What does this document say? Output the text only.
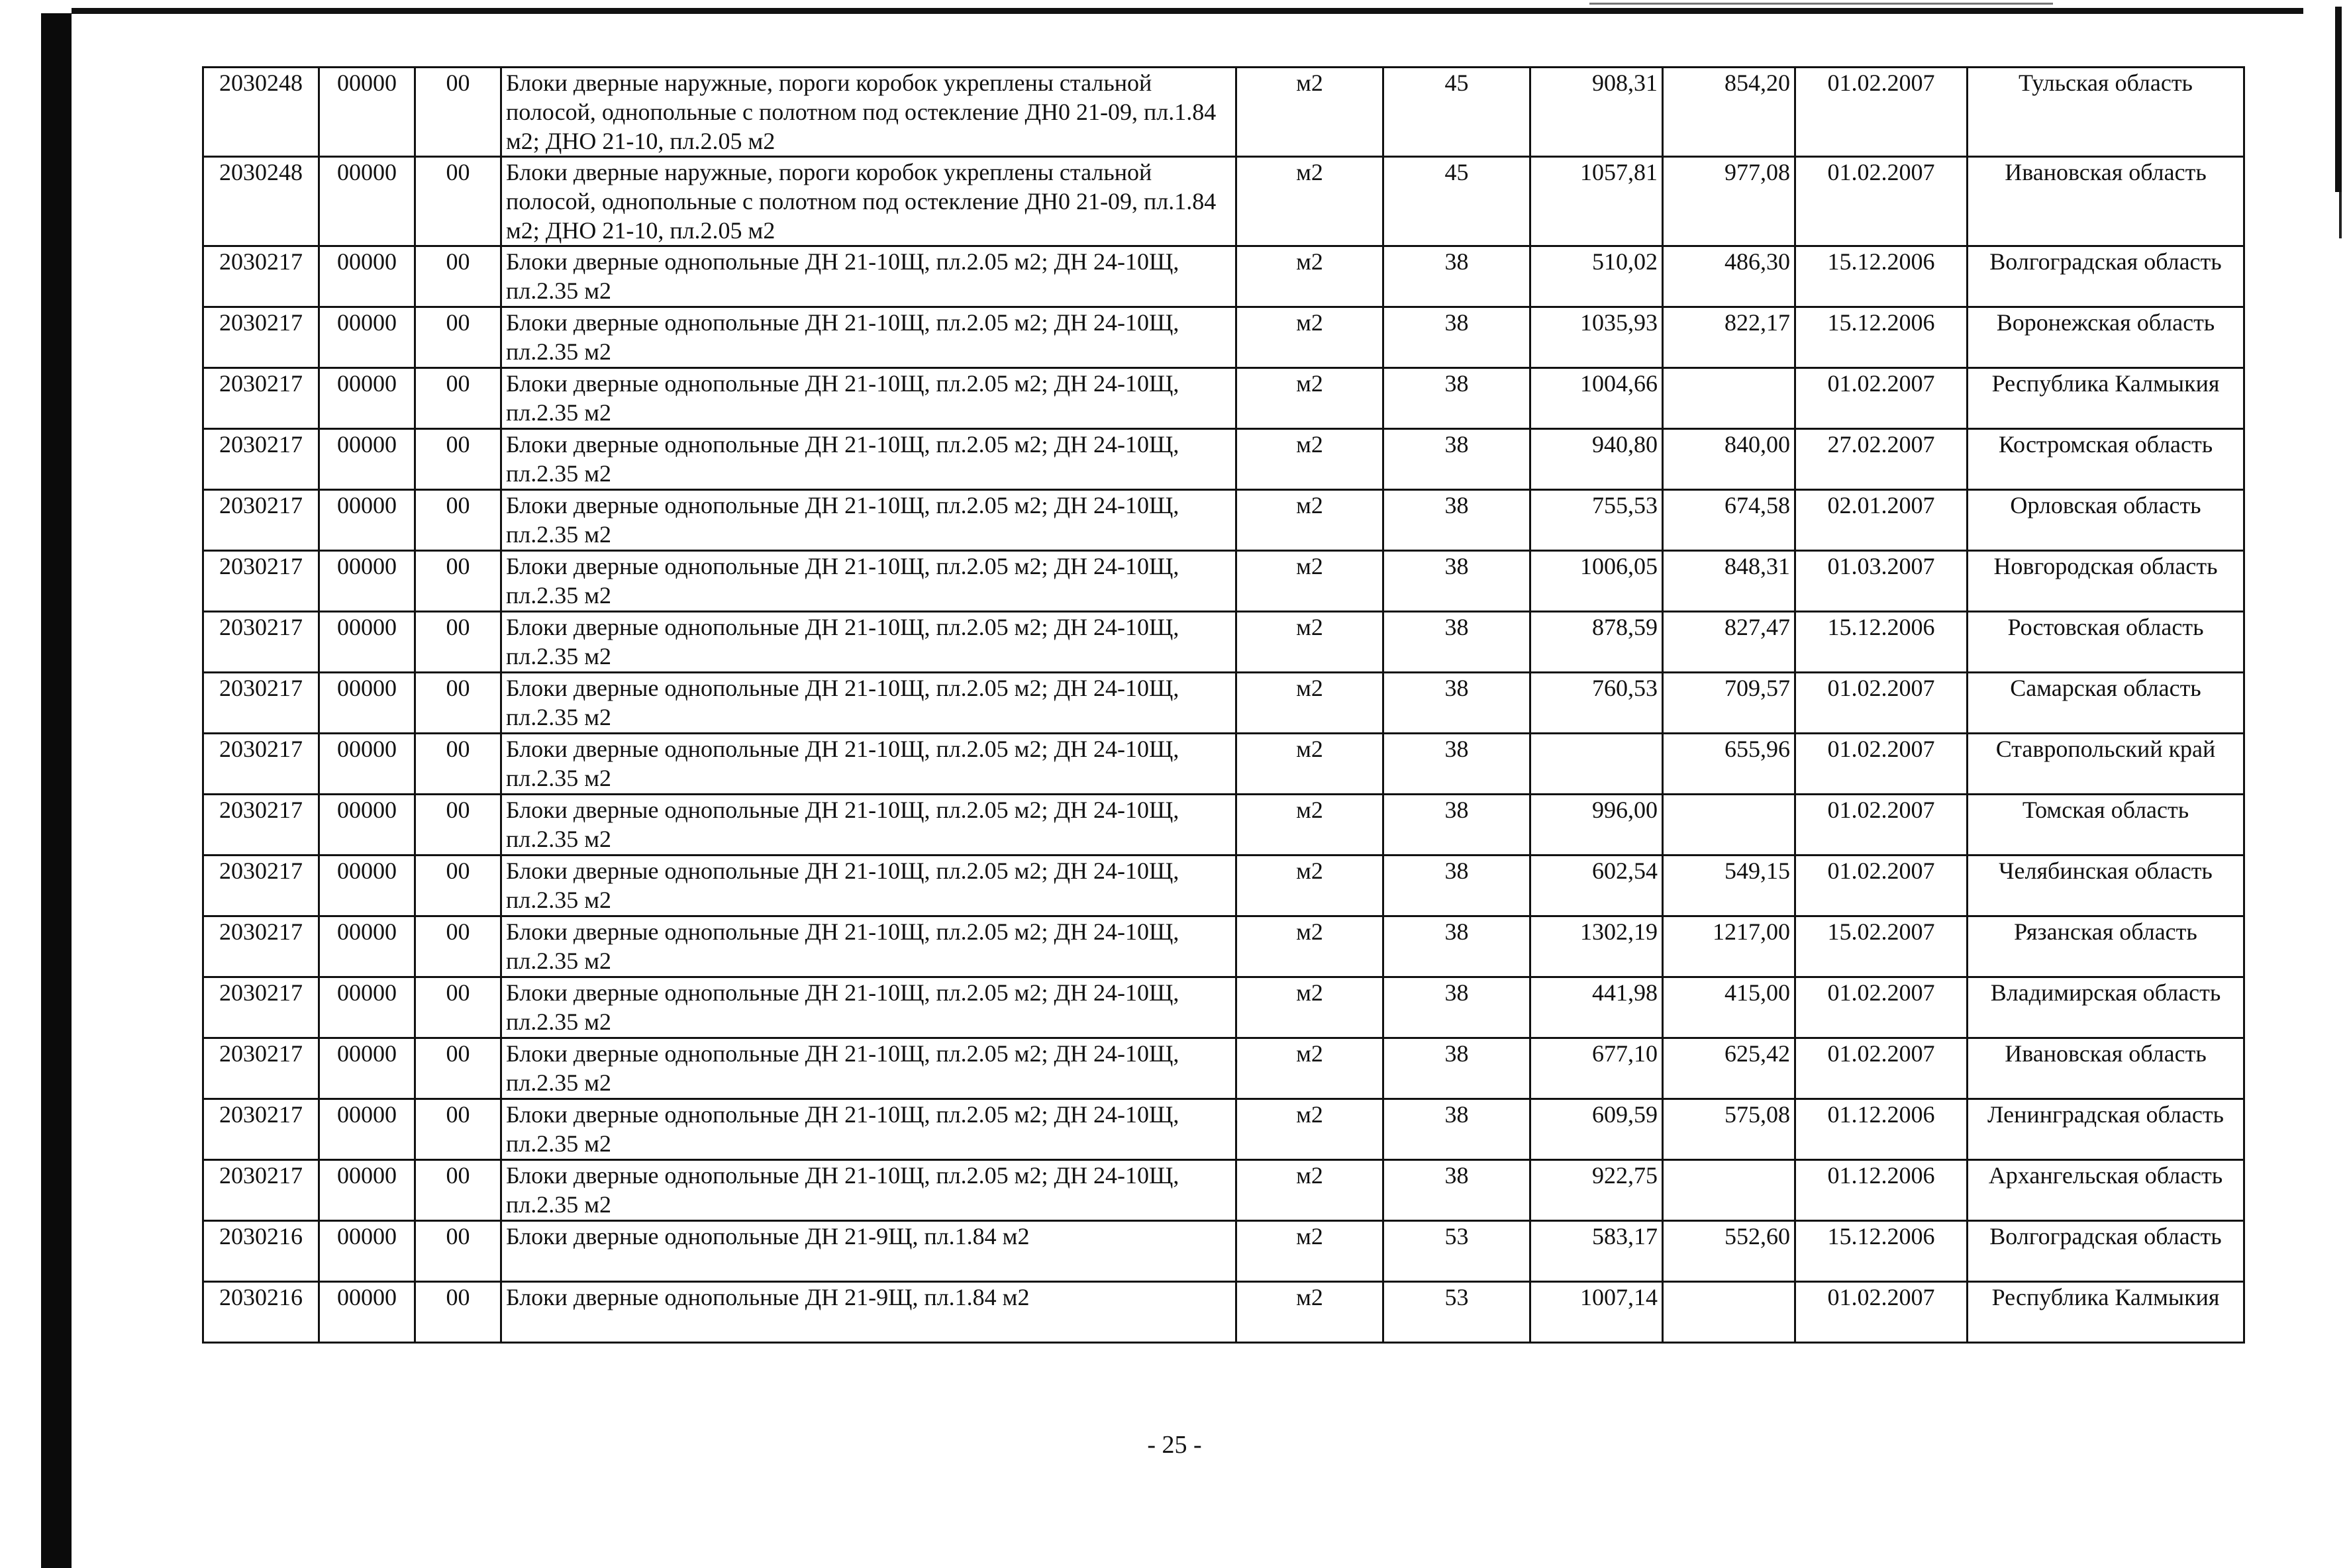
2030248	00000	00	Блоки дверные наружные, пороги коробок укреплены стальной полосой, однопольные с полотном под остекление ДН0 21-09, пл.1.84 м2; ДНО 21-10, пл.2.05 м2	м2	45	908,31	854,20	01.02.2007	Тульская область
2030248	00000	00	Блоки дверные наружные, пороги коробок укреплены стальной полосой, однопольные с полотном под остекление ДН0 21-09, пл.1.84 м2; ДНО 21-10, пл.2.05 м2	м2	45	1057,81	977,08	01.02.2007	Ивановская область
2030217	00000	00	Блоки дверные однопольные ДН 21-10Щ, пл.2.05 м2; ДН 24-10Щ, пл.2.35 м2	м2	38	510,02	486,30	15.12.2006	Волгоградская область
2030217	00000	00	Блоки дверные однопольные ДН 21-10Щ, пл.2.05 м2; ДН 24-10Щ, пл.2.35 м2	м2	38	1035,93	822,17	15.12.2006	Воронежская область
2030217	00000	00	Блоки дверные однопольные ДН 21-10Щ, пл.2.05 м2; ДН 24-10Щ, пл.2.35 м2	м2	38	1004,66		01.02.2007	Республика Калмыкия
2030217	00000	00	Блоки дверные однопольные ДН 21-10Щ, пл.2.05 м2; ДН 24-10Щ, пл.2.35 м2	м2	38	940,80	840,00	27.02.2007	Костромская область
2030217	00000	00	Блоки дверные однопольные ДН 21-10Щ, пл.2.05 м2; ДН 24-10Щ, пл.2.35 м2	м2	38	755,53	674,58	02.01.2007	Орловская область
2030217	00000	00	Блоки дверные однопольные ДН 21-10Щ, пл.2.05 м2; ДН 24-10Щ, пл.2.35 м2	м2	38	1006,05	848,31	01.03.2007	Новгородская область
2030217	00000	00	Блоки дверные однопольные ДН 21-10Щ, пл.2.05 м2; ДН 24-10Щ, пл.2.35 м2	м2	38	878,59	827,47	15.12.2006	Ростовская область
2030217	00000	00	Блоки дверные однопольные ДН 21-10Щ, пл.2.05 м2; ДН 24-10Щ, пл.2.35 м2	м2	38	760,53	709,57	01.02.2007	Самарская область
2030217	00000	00	Блоки дверные однопольные ДН 21-10Щ, пл.2.05 м2; ДН 24-10Щ, пл.2.35 м2	м2	38		655,96	01.02.2007	Ставропольский край
2030217	00000	00	Блоки дверные однопольные ДН 21-10Щ, пл.2.05 м2; ДН 24-10Щ, пл.2.35 м2	м2	38	996,00		01.02.2007	Томская область
2030217	00000	00	Блоки дверные однопольные ДН 21-10Щ, пл.2.05 м2; ДН 24-10Щ, пл.2.35 м2	м2	38	602,54	549,15	01.02.2007	Челябинская область
2030217	00000	00	Блоки дверные однопольные ДН 21-10Щ, пл.2.05 м2; ДН 24-10Щ, пл.2.35 м2	м2	38	1302,19	1217,00	15.02.2007	Рязанская область
2030217	00000	00	Блоки дверные однопольные ДН 21-10Щ, пл.2.05 м2; ДН 24-10Щ, пл.2.35 м2	м2	38	441,98	415,00	01.02.2007	Владимирская область
2030217	00000	00	Блоки дверные однопольные ДН 21-10Щ, пл.2.05 м2; ДН 24-10Щ, пл.2.35 м2	м2	38	677,10	625,42	01.02.2007	Ивановская область
2030217	00000	00	Блоки дверные однопольные ДН 21-10Щ, пл.2.05 м2; ДН 24-10Щ, пл.2.35 м2	м2	38	609,59	575,08	01.12.2006	Ленинградская область
2030217	00000	00	Блоки дверные однопольные ДН 21-10Щ, пл.2.05 м2; ДН 24-10Щ, пл.2.35 м2	м2	38	922,75		01.12.2006	Архангельская область
2030216	00000	00	Блоки дверные однопольные ДН 21-9Щ, пл.1.84 м2	м2	53	583,17	552,60	15.12.2006	Волгоградская область
2030216	00000	00	Блоки дверные однопольные ДН 21-9Щ, пл.1.84 м2	м2	53	1007,14		01.02.2007	Республика Калмыкия
- 25 -
